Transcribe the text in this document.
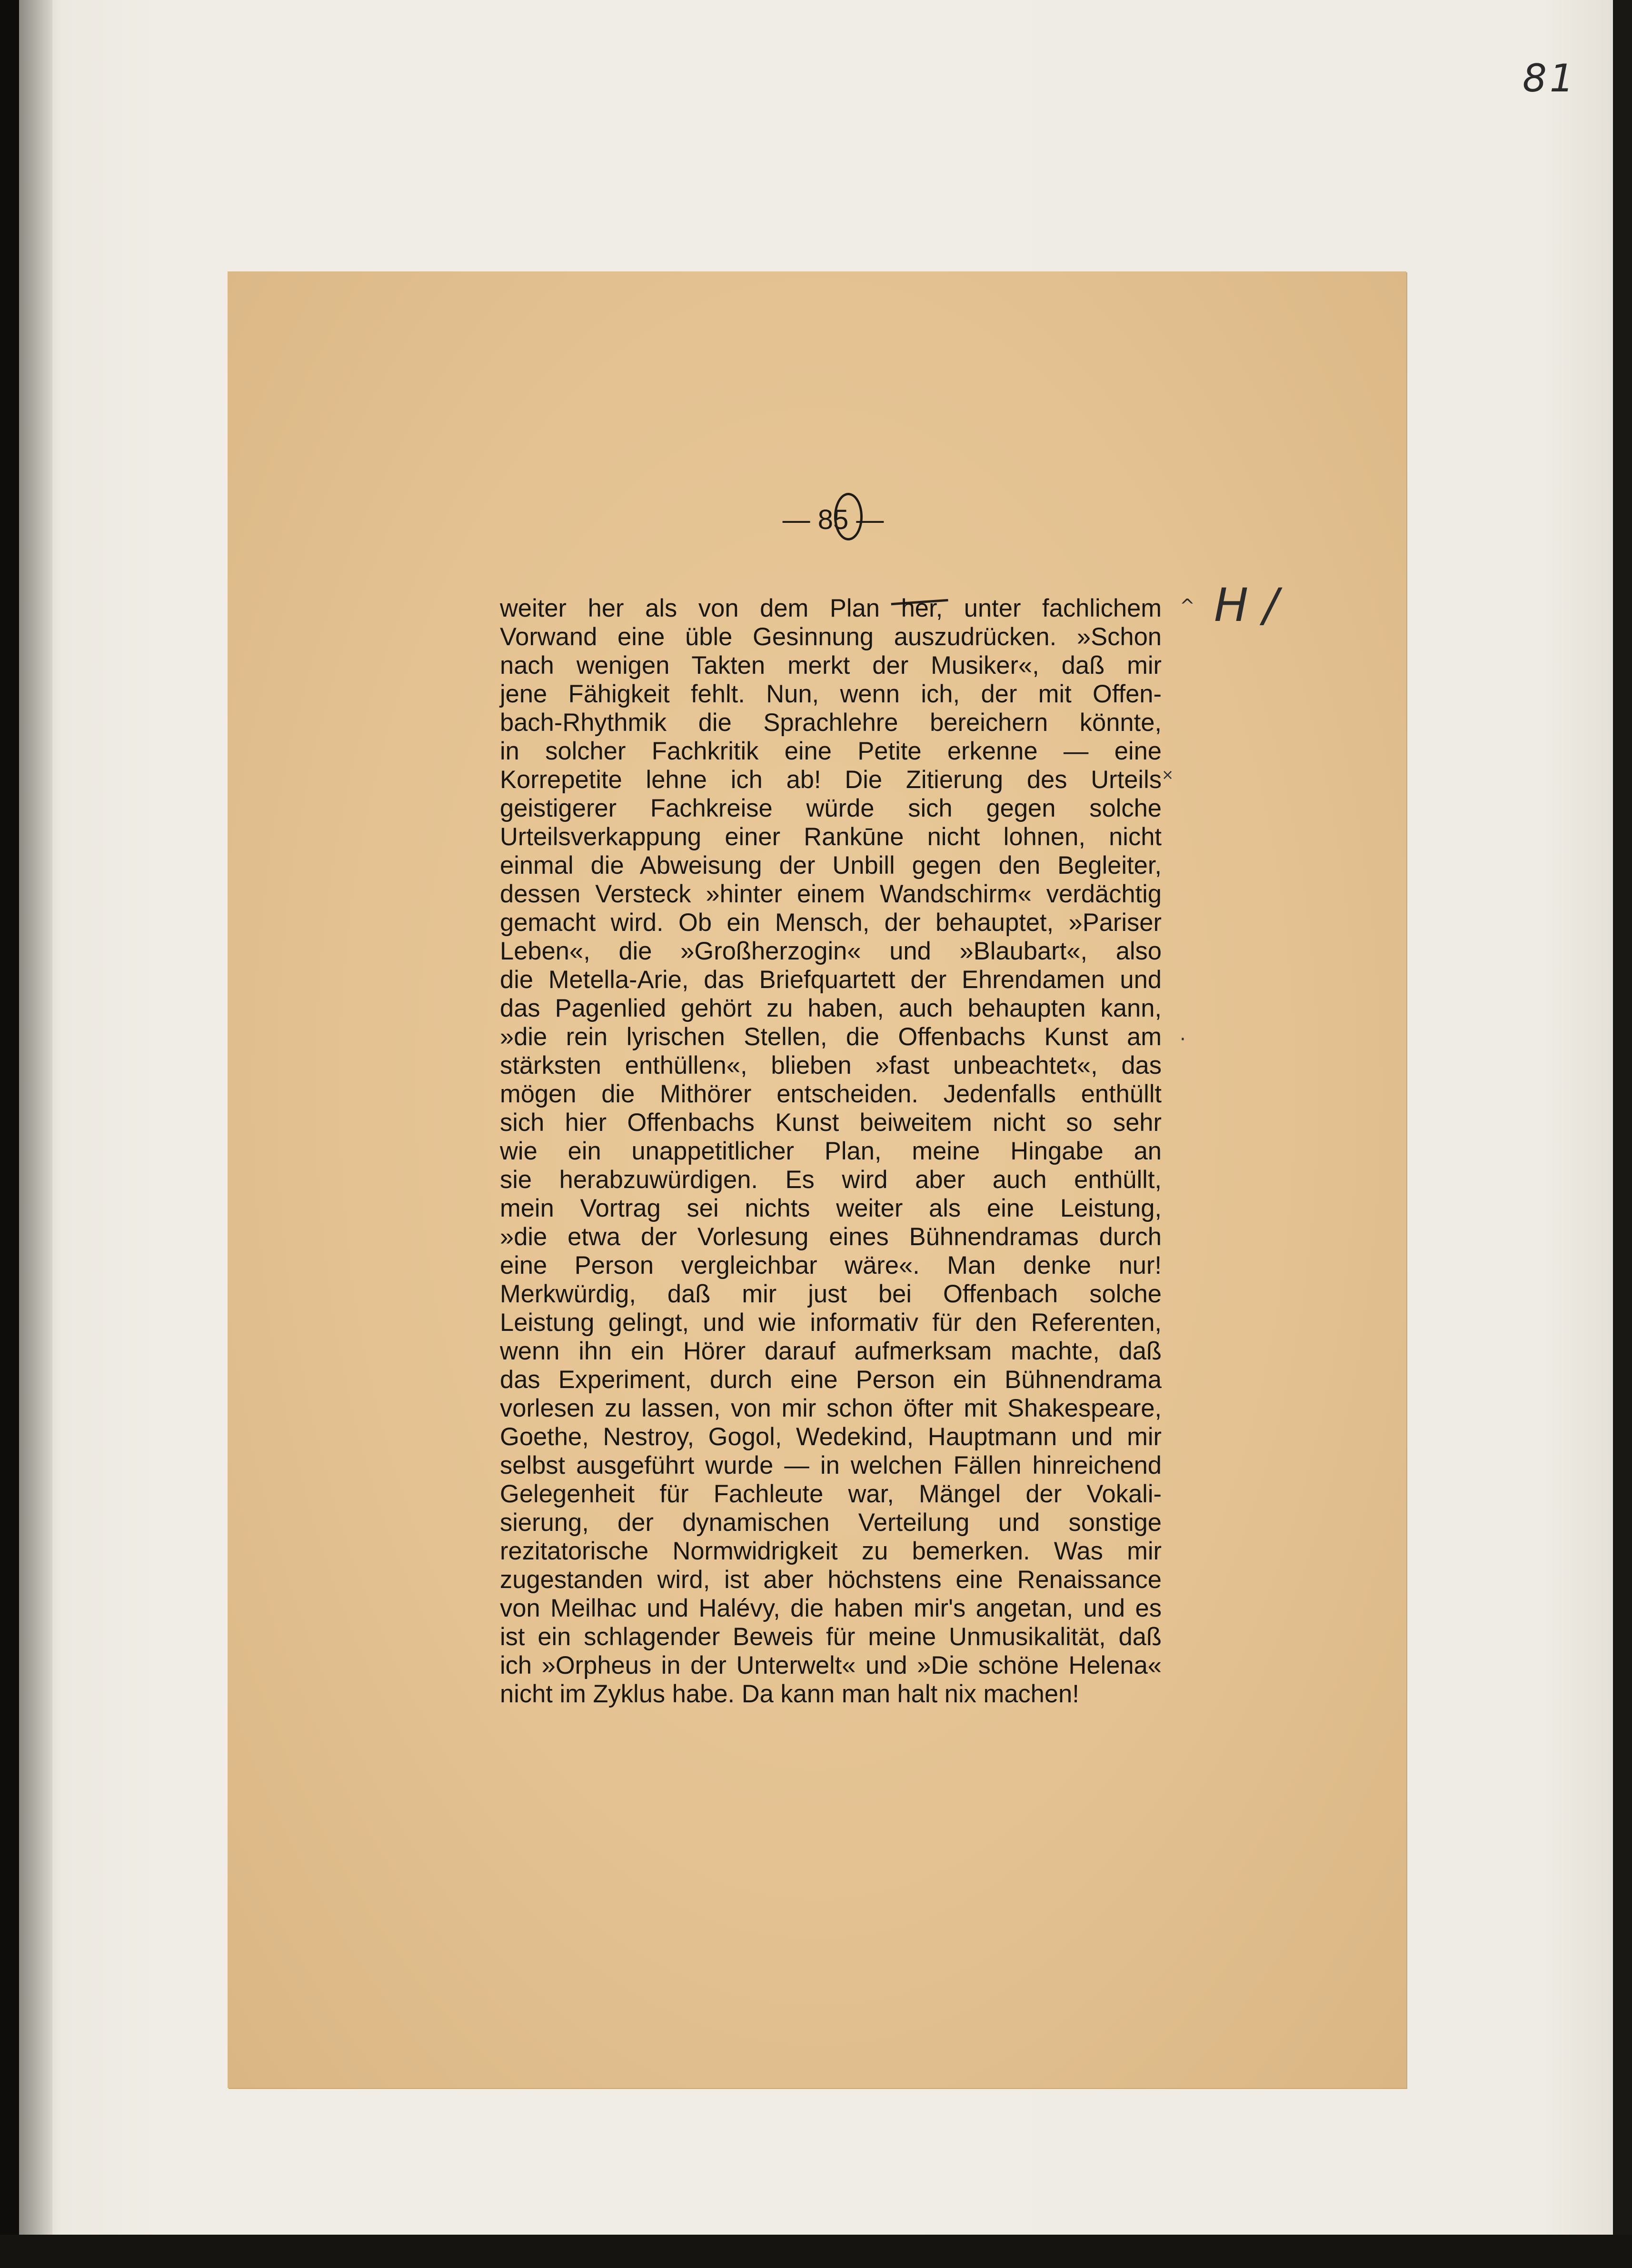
81
— 85 —
^ H /
×
·
weiter her als von dem Plan her, unter fachlichem
Vorwand eine üble Gesinnung auszudrücken. »Schon
nach wenigen Takten merkt der Musiker«, daß mir
jene Fähigkeit fehlt. Nun, wenn ich, der mit Offen-
bach-Rhythmik die Sprachlehre bereichern könnte,
in solcher Fachkritik eine Petite erkenne — eine
Korrepetite lehne ich ab! Die Zitierung des Urteils
geistigerer Fachkreise würde sich gegen solche
Urteilsverkappung einer Rankūne nicht lohnen, nicht
einmal die Abweisung der Unbill gegen den Begleiter,
dessen Versteck »hinter einem Wandschirm« verdächtig
gemacht wird. Ob ein Mensch, der behauptet, »Pariser
Leben«, die »Großherzogin« und »Blaubart«, also
die Metella-Arie, das Briefquartett der Ehrendamen und
das Pagenlied gehört zu haben, auch behaupten kann,
»die rein lyrischen Stellen, die Offenbachs Kunst am
stärksten enthüllen«, blieben »fast unbeachtet«, das
mögen die Mithörer entscheiden. Jedenfalls enthüllt
sich hier Offenbachs Kunst beiweitem nicht so sehr
wie ein unappetitlicher Plan, meine Hingabe an
sie herabzuwürdigen. Es wird aber auch enthüllt,
mein Vortrag sei nichts weiter als eine Leistung,
»die etwa der Vorlesung eines Bühnendramas durch
eine Person vergleichbar wäre«. Man denke nur!
Merkwürdig, daß mir just bei Offenbach solche
Leistung gelingt, und wie informativ für den Referenten,
wenn ihn ein Hörer darauf aufmerksam machte, daß
das Experiment, durch eine Person ein Bühnendrama
vorlesen zu lassen, von mir schon öfter mit Shakespeare,
Goethe, Nestroy, Gogol, Wedekind, Hauptmann und mir
selbst ausgeführt wurde — in welchen Fällen hinreichend
Gelegenheit für Fachleute war, Mängel der Vokali-
sierung, der dynamischen Verteilung und sonstige
rezitatorische Normwidrigkeit zu bemerken. Was mir
zugestanden wird, ist aber höchstens eine Renaissance
von Meilhac und Halévy, die haben mir's angetan, und es
ist ein schlagender Beweis für meine Unmusikalität, daß
ich »Orpheus in der Unterwelt« und »Die schöne Helena«
nicht im Zyklus habe. Da kann man halt nix machen!
